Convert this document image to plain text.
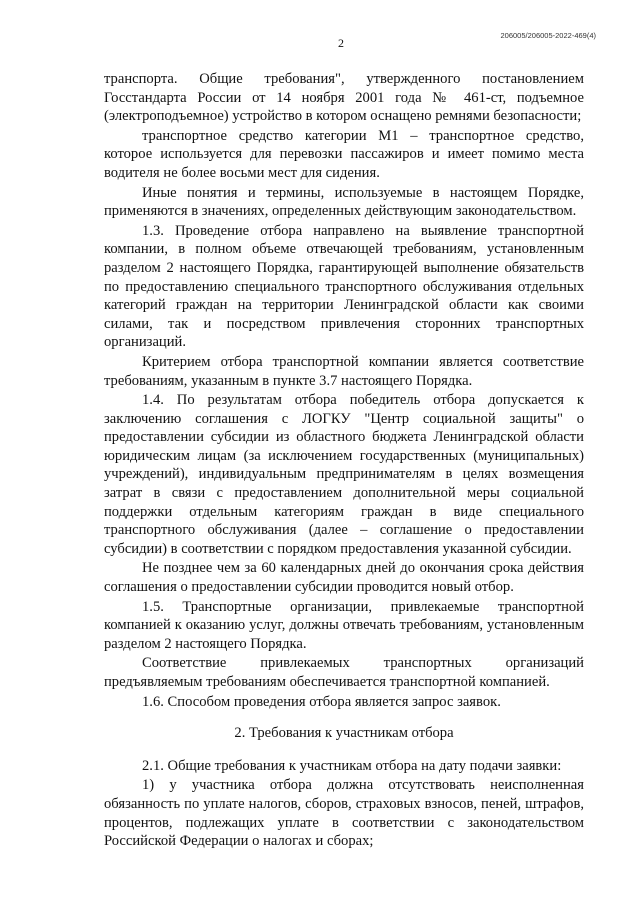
2
206005/206005-2022-469(4)

транспорта. Общие требования", утвержденного постановлением Госстандарта России от 14 ноября 2001 года № 461-ст, подъемное (электроподъемное) устройство в котором оснащено ремнями безопасности;

транспортное средство категории М1 – транспортное средство, которое используется для перевозки пассажиров и имеет помимо места водителя не более восьми мест для сидения.

Иные понятия и термины, используемые в настоящем Порядке, применяются в значениях, определенных действующим законодательством.

1.3. Проведение отбора направлено на выявление транспортной компании, в полном объеме отвечающей требованиям, установленным разделом 2 настоящего Порядка, гарантирующей выполнение обязательств по предоставлению специального транспортного обслуживания отдельных категорий граждан на территории Ленинградской области как своими силами, так и посредством привлечения сторонних транспортных организаций.

Критерием отбора транспортной компании является соответствие требованиям, указанным в пункте 3.7 настоящего Порядка.

1.4. По результатам отбора победитель отбора допускается к заключению соглашения с ЛОГКУ "Центр социальной защиты" о предоставлении субсидии из областного бюджета Ленинградской области юридическим лицам (за исключением государственных (муниципальных) учреждений), индивидуальным предпринимателям в целях возмещения затрат в связи с предоставлением дополнительной меры социальной поддержки отдельным категориям граждан в виде специального транспортного обслуживания (далее – соглашение о предоставлении субсидии) в соответствии с порядком предоставления указанной субсидии.

Не позднее чем за 60 календарных дней до окончания срока действия соглашения о предоставлении субсидии проводится новый отбор.

1.5. Транспортные организации, привлекаемые транспортной компанией к оказанию услуг, должны отвечать требованиям, установленным разделом 2 настоящего Порядка.

Соответствие привлекаемых транспортных организаций предъявляемым требованиям обеспечивается транспортной компанией.

1.6. Способом проведения отбора является запрос заявок.

2. Требования к участникам отбора

2.1. Общие требования к участникам отбора на дату подачи заявки:

1) у участника отбора должна отсутствовать неисполненная обязанность по уплате налогов, сборов, страховых взносов, пеней, штрафов, процентов, подлежащих уплате в соответствии с законодательством Российской Федерации о налогах и сборах;
